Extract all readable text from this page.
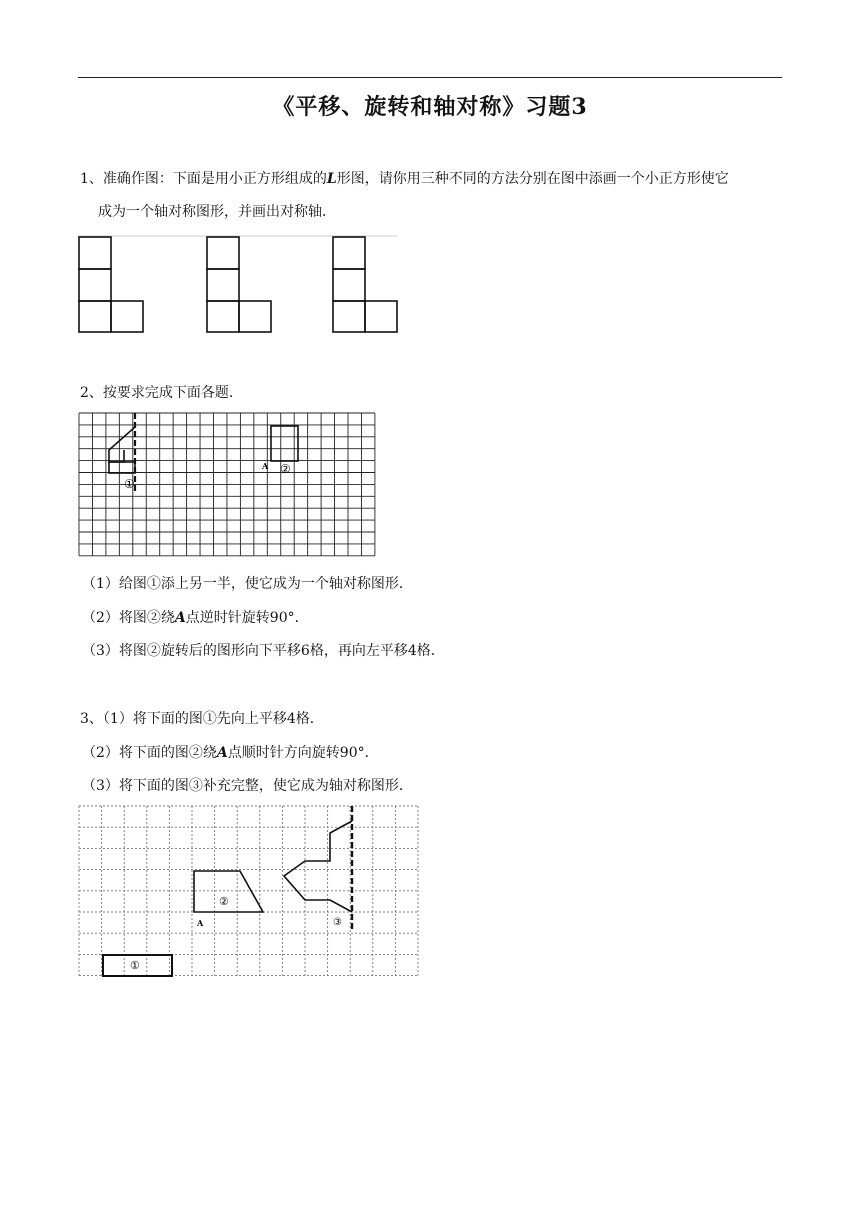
《平移、旋转和轴对称》习题3
1、准确作图：下面是用小正方形组成的L形图，请你用三种不同的方法分别在图中添画一个小正方形使它
成为一个轴对称图形，并画出对称轴．
2、按要求完成下面各题．
①
②
A
（1）给图①添上另一半，使它成为一个轴对称图形．
（2）将图②绕A点逆时针旋转90°．
（3）将图②旋转后的图形向下平移6格，再向左平移4格．
3、（1）将下面的图①先向上平移4格．
（2）将下面的图②绕A点顺时针方向旋转90°．
（3）将下面的图③补充完整，使它成为轴对称图形．
②
③
①
A
